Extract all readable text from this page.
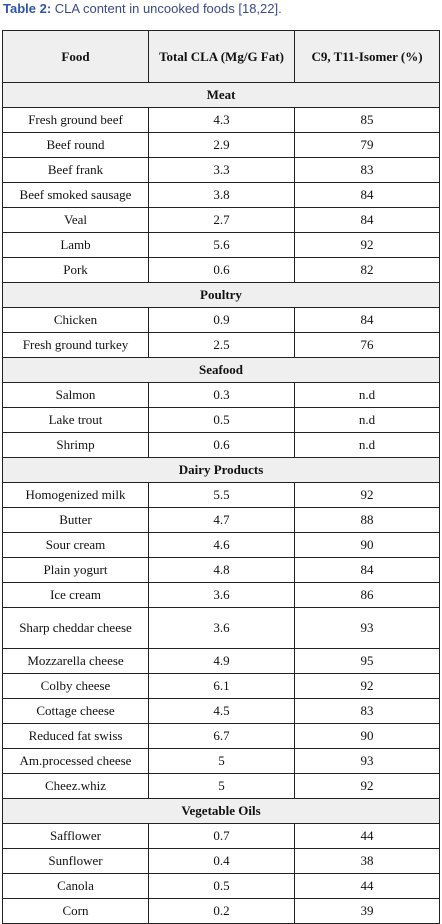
Table 2: CLA content in uncooked foods [18,22].
Food	Total CLA (Mg/G Fat)	C9, T11-Isomer (%)
Meat		
Fresh ground beef	4.3	85
Beef round	2.9	79
Beef frank	3.3	83
Beef smoked sausage	3.8	84
Veal	2.7	84
Lamb	5.6	92
Pork	0.6	82
Poultry		
Chicken	0.9	84
Fresh ground turkey	2.5	76
Seafood		
Salmon	0.3	n.d
Lake trout	0.5	n.d
Shrimp	0.6	n.d
Dairy Products		
Homogenized milk	5.5	92
Butter	4.7	88
Sour cream	4.6	90
Plain yogurt	4.8	84
Ice cream	3.6	86
Sharp cheddar cheese	3.6	93
Mozzarella cheese	4.9	95
Colby cheese	6.1	92
Cottage cheese	4.5	83
Reduced fat swiss	6.7	90
Am.processed cheese	5	93
Cheez.whiz	5	92
Vegetable Oils		
Safflower	0.7	44
Sunflower	0.4	38
Canola	0.5	44
Corn	0.2	39
